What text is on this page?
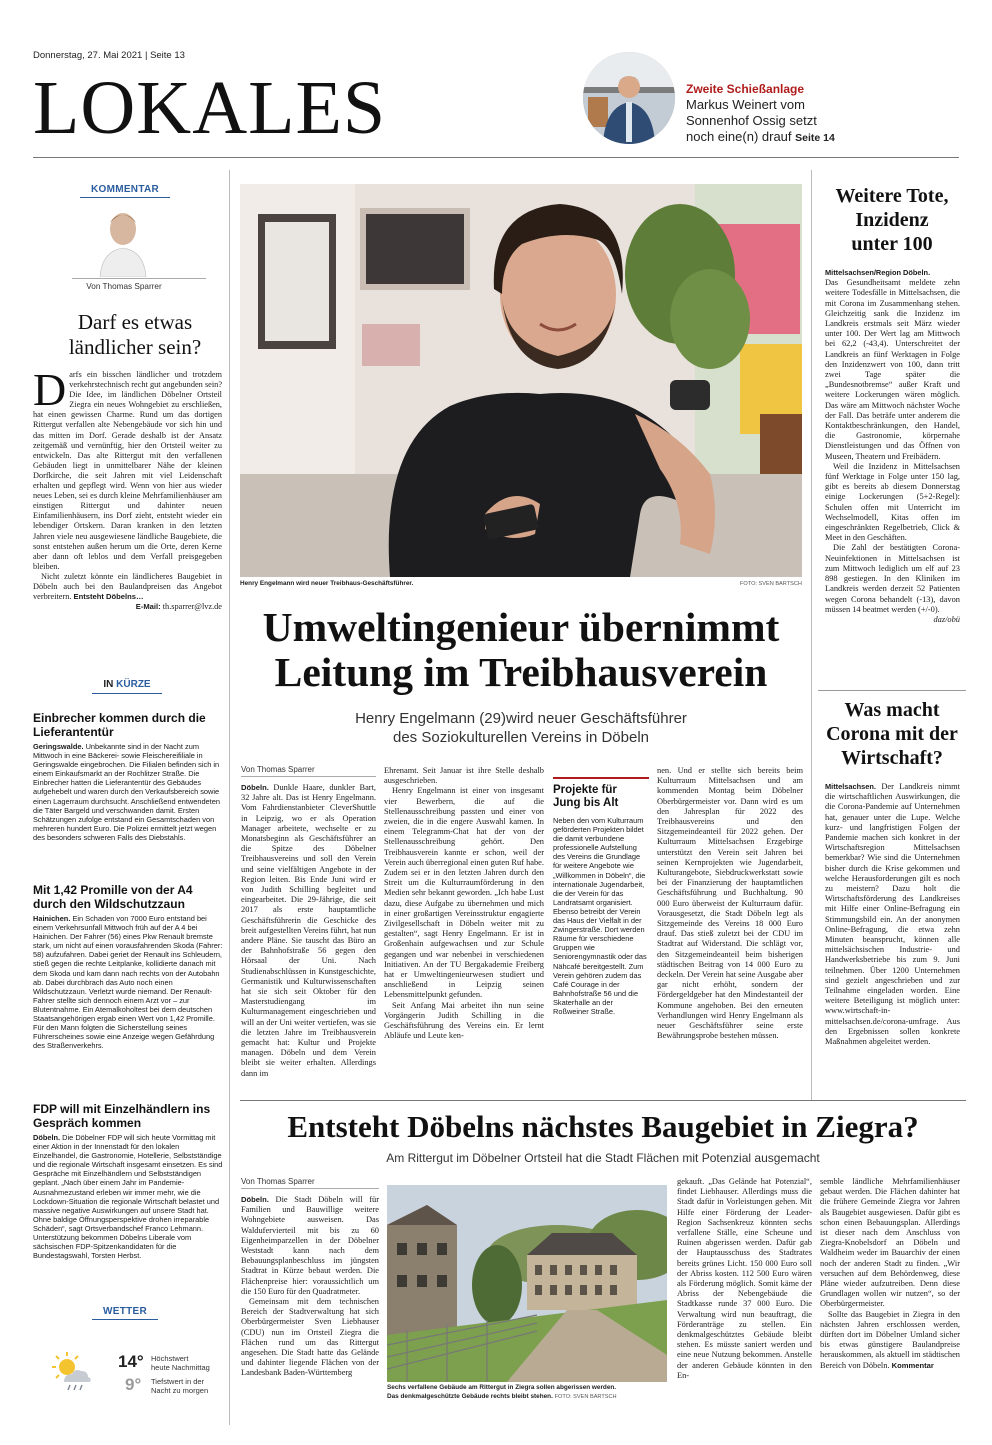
Donnerstag, 27. Mai 2021 | Seite 13
LOKALES	Zweite Schießanlage
Markus Weinert vom
Sonnenhof Ossig setzt
noch eine(n) drauf Seite 14
KOMMENTAR
Von Thomas Sparrer
Darf es etwas
ländlicher sein?
D arfs ein bisschen ländlicher und trotzdem verkehrstechnisch recht gut angebunden sein? Die Idee, im ländlichen Döbelner Ortsteil Ziegra ein neues Wohngebiet zu erschließen, hat einen gewissen Charme. Rund um das dortigen Rittergut verfallen alte Nebengebäude vor sich hin und das mitten im Dorf. Gerade deshalb ist der Ansatz zeitgemäß und vernünftig, hier den Ortsteil weiter zu entwickeln. Das alte Rittergut mit den verfallenen Gebäuden liegt in unmittelbarer Nähe der kleinen Dorfkirche, die seit Jahren mit viel Leidenschaft erhalten und gepflegt wird. Wenn von hier aus wieder neues Leben, sei es durch kleine Mehrfamilienhäuser am einstigen Rittergut und dahinter neuen Einfamilienhäusern, ins Dorf zieht, entsteht wieder ein lebendiger Ortskern. Daran kranken in den letzten Jahren viele neu ausgewiesene ländliche Baugebiete, die sonst entstehen außen herum um die Orte, deren Kerne aber dann oft leblos und dem Verfall preisgegeben bleiben.

Nicht zuletzt könnte ein ländlicheres Baugebiet in Döbeln auch bei den Baulandpreisen das Angebot verbreitern. Entsteht Döbelns…

E-Mail: th.sparrer@lvz.de

IN KÜRZE
Einbrecher kommen durch die Lieferantentür
Geringswalde. Unbekannte sind in der Nacht zum Mittwoch in eine Bäckerei- sowie Fleischereifiliale in Geringswalde eingebrochen. Die Filialen befinden sich in einem Einkaufsmarkt an der Rochlitzer Straße. Die Einbrecher hatten die Lieferantentür des Gebäudes aufgehebelt und waren durch den Verkaufsbereich sowie einen Lagerraum durchsucht. Anschließend entwendeten die Täter Bargeld und verschwanden damit. Ersten Schätzungen zufolge entstand ein Gesamtschaden von mehreren hundert Euro. Die Polizei ermittelt jetzt wegen des besonders schweren Falls des Diebstahls.
Mit 1,42 Promille von der A4 durch den Wildschutzzaun
Hainichen. Ein Schaden von 7000 Euro entstand bei einem Verkehrsunfall Mittwoch früh auf der A 4 bei Hainichen. Der Fahrer (56) eines Pkw Renault bremste stark, um nicht auf einen vorausfahrenden Skoda (Fahrer: 58) aufzufahren. Dabei geriet der Renault ins Schleudern, stieß gegen die rechte Leitplanke, kollidierte danach mit dem Skoda und kam dann nach rechts von der Autobahn ab. Dabei durchbrach das Auto noch einen Wildschutzzaun. Verletzt wurde niemand. Der Renault-Fahrer stellte sich dennoch einem Arzt vor – zur Blutentnahme. Ein Atemalkoholtest bei dem deutschen Staatsangehörigen ergab einen Wert von 1,42 Promille. Für den Mann folgten die Sicherstellung seines Führerscheines sowie eine Anzeige wegen Gefährdung des Straßenverkehrs.
FDP will mit Einzelhändlern ins Gespräch kommen
Döbeln. Die Döbelner FDP will sich heute Vormittag mit einer Aktion in der Innenstadt für den lokalen Einzelhandel, die Gastronomie, Hotellerie, Selbstständige und die regionale Wirtschaft insgesamt einsetzen. Es sind Gespräche mit Einzelhändlern und Selbstständigen geplant. „Nach über einem Jahr im Pandemie-Ausnahmezustand erleben wir immer mehr, wie die Lockdown-Situation die regionale Wirtschaft belastet und massive negative Auswirkungen auf unsere Stadt hat. Ohne baldige Öffnungsperspektive drohen irreparable Schäden“, sagt Ortsverbandschef Franco Lehmann. Unterstützung bekommen Döbelns Liberale vom sächsischen FDP-Spitzenkandidaten für die Bundestagswahl, Torsten Herbst.
WETTER
14° Höchstwert
heute Nachmittag
9° Tiefstwert in der
Nacht zu morgen
Henry Engelmann wird neuer Treibhaus-Geschäftsführer.	FOTO: SVEN BARTSCH
Umweltingenieur übernimmt
Leitung im Treibhausverein
Henry Engelmann (29)wird neuer Geschäftsführer
des Soziokulturellen Vereins in Döbeln
Von Thomas Sparrer
Döbeln. Dunkle Haare, dunkler Bart, 32 Jahre alt. Das ist Henry Engelmann. Vom Fahrdienstanbieter CleverShuttle in Leipzig, wo er als Operation Manager arbeitete, wechselte er zu Monatsbeginn als Geschäftsführer an die Spitze des Döbelner Treibhausvereins und soll den Verein und seine vielfältigen Angebote in der Region leiten. Bis Ende Juni wird er von Judith Schilling begleitet und eingearbeitet. Die 29-Jährige, die seit 2017 als erste hauptamtliche Geschäftsführerin die Geschicke des breit aufgestellten Vereins führt, hat nun andere Pläne. Sie tauscht das Büro an der Bahnhofstraße 56 gegen den Hörsaal der Uni. Nach Studienabschlüssen in Kunstgeschichte, Germanistik und Kulturwissenschaften hat sie sich seit Oktober für den Masterstudiengang im Kulturmanagement eingeschrieben und will an der Uni weiter vertiefen, was sie die letzten Jahre im Treibhausverein gemacht hat: Kultur und Projekte managen. Döbeln und dem Verein bleibt sie weiter erhalten. Allerdings dann im

Ehrenamt. Seit Januar ist ihre Stelle deshalb ausgeschrieben.

Henry Engelmann ist einer von insgesamt vier Bewerbern, die auf die Stellenausschreibung passten und einer von zweien, die in die engere Auswahl kamen. In einem Telegramm-Chat hat der von der Stellenausschreibung gehört. Den Treibhausverein kannte er schon, weil der Verein auch überregional einen guten Ruf habe. Zudem sei er in den letzten Jahren durch den Streit um die Kulturraumförderung in den Medien sehr bekannt geworden. „Ich habe Lust dazu, diese Aufgabe zu übernehmen und mich in einer großartigen Vereinsstruktur engagierte Zivilgesellschaft in Döbeln weiter mit zu gestalten“, sagt Henry Engelmann. Er ist in Großenhain aufgewachsen und zur Schule gegangen und war nebenbei in verschiedenen Initiativen. An der TU Bergakademie Freiberg hat er Umweltingenieurwesen studiert und anschließend in Leipzig seinen Lebensmittelpunkt gefunden.

Seit Anfang Mai arbeitet ihn nun seine Vorgängerin Judith Schilling in die Geschäftsführung des Vereins ein. Er lernt Abläufe und Leute ken-

Projekte für
Jung bis Alt
Neben den vom Kulturraum geförderten Projekten bildet die damit verbundene professionelle Aufstellung des Vereins die Grundlage für weitere Angebote wie „Willkommen in Döbeln“, die internationale Jugendarbeit, die der Verein für das Landratsamt organisiert. Ebenso betreibt der Verein das Haus der Vielfalt in der Zwingerstraße. Dort werden Räume für verschiedene Gruppen wie Seniorengymnastik oder das Nähcafé bereitgestellt. Zum Verein gehören zudem das Café Courage in der Bahnhofstraße 56 und die Skaterhalle an der Roßweiner Straße.
nen. Und er stellte sich bereits beim Kulturraum Mittelsachsen und am kommenden Montag beim Döbelner Oberbürgermeister vor. Dann wird es um den Jahresplan für 2022 des Treibhausvereins und den Sitzgemeindeanteil für 2022 gehen. Der Kulturraum Mittelsachsen Erzgebirge unterstützt den Verein seit Jahren bei seinen Kernprojekten wie Jugendarbeit, Kulturangebote, Siebdruckwerkstatt sowie bei der Finanzierung der hauptamtlichen Geschäftsführung und Buchhaltung. 90 000 Euro überweist der Kulturraum dafür. Vorausgesetzt, die Stadt Döbeln legt als Sitzgemeinde des Vereins 18 000 Euro drauf. Das stieß zuletzt bei der CDU im Stadtrat auf Widerstand. Die schlägt vor, den Sitzgemeindeanteil beim bisherigen städtischen Beitrag von 14 000 Euro zu deckeln. Der Verein hat seine Ausgabe aber gar nicht erhöht, sondern der Fördergeldgeber hat den Mindestanteil der Kommune angehoben. Bei den erneuten Verhandlungen wird Henry Engelmann als neuer Geschäftsführer seine erste Bewährungsprobe bestehen müssen.
Weitere Tote,
Inzidenz
unter 100

Mittelsachsen/Region Döbeln.

Das Gesundheitsamt meldete zehn weitere Todesfälle in Mittelsachsen, die mit Corona im Zusammenhang stehen. Gleichzeitig sank die Inzidenz im Landkreis erstmals seit März wieder unter 100. Der Wert lag am Mittwoch bei 62,2 (-43,4). Unterschreitet der Landkreis an fünf Werktagen in Folge den Inzidenzwert von 100, dann tritt zwei Tage später die „Bundesnotbremse“ außer Kraft und weitere Lockerungen wären möglich. Das wäre am Mittwoch nächster Woche der Fall. Das beträfe unter anderem die Kontaktbeschränkungen, den Handel, die Gastronomie, körpernahe Dienstleistungen und das Öffnen von Museen, Theatern und Freibädern.

Weil die Inzidenz in Mittelsachsen fünf Werktage in Folge unter 150 lag, gibt es bereits ab diesem Donnerstag einige Lockerungen (5+2-Regel): Schulen offen mit Unterricht im Wechselmodell, Kitas offen im eingeschränkten Regelbetrieb, Click & Meet in den Geschäften.

Die Zahl der bestätigten Corona-Neuinfektionen in Mittelsachsen ist zum Mittwoch lediglich um elf auf 23 898 gestiegen. In den Kliniken im Landkreis werden derzeit 52 Patienten wegen Corona behandelt (-13), davon müssen 14 beatmet werden (+/-0).
daz/obü

Was macht
Corona mit der
Wirtschaft?
Mittelsachsen. Der Landkreis nimmt die wirtschaftlichen Auswirkungen, die die Corona-Pandemie auf Unternehmen hat, genauer unter die Lupe. Welche kurz- und langfristigen Folgen der Pandemie machen sich konkret in der Wirtschaftsregion Mittelsachsen bemerkbar? Wie sind die Unternehmen bisher durch die Krise gekommen und welche Herausforderungen gilt es noch zu meistern? Dazu holt die Wirtschaftsförderung des Landkreises mit Hilfe einer Online-Befragung ein Stimmungsbild ein. An der anonymen Online-Befragung, die etwa zehn Minuten beansprucht, können alle mittelsächsischen Industrie- und Handwerksbetriebe bis zum 9. Juni teilnehmen. Über 1200 Unternehmen sind gezielt angeschrieben und zur Teilnahme eingeladen worden. Eine weitere Beteiligung ist möglich unter: www.wirtschaft-in-mittelsachsen.de/corona-umfrage. Aus den Ergebnissen sollen konkrete Maßnahmen abgeleitet werden.
Entsteht Döbelns nächstes Baugebiet in Ziegra?
Am Rittergut im Döbelner Ortsteil hat die Stadt Flächen mit Potenzial ausgemacht
Von Thomas Sparrer

Döbeln. Die Stadt Döbeln will für Familien und Bauwillige weitere Wohngebiete ausweisen. Das Waldufervierteil mit bis zu 60 Eigenheimparzellen in der Döbelner Weststadt kann nach dem Bebauungsplanbeschluss im jüngsten Stadtrat in Kürze bebaut werden. Die Flächenpreise hier: voraussichtlich um die 150 Euro für den Quadratmeter.

Gemeinsam mit dem technischen Bereich der Stadtverwaltung hat sich Oberbürgermeister Sven Liebhauser (CDU) nun im Ortsteil Ziegra die Flächen rund um das Rittergut angesehen. Die Stadt hatte das Gelände und dahinter liegende Flächen von der Landesbank Baden-Württemberg

Sechs verfallene Gebäude am Rittergut in Ziegra sollen abgerissen werden.
Das denkmalgeschützte Gebäude rechts bleibt stehen. FOTO: SVEN BARTSCH
gekauft. „Das Gelände hat Potenzial“, findet Liebhauser. Allerdings muss die Stadt dafür in Vorleistungen gehen. Mit Hilfe einer Förderung der Leader-Region Sachsenkreuz könnten sechs verfallene Ställe, eine Scheune und Ruinen abgerissen werden. Dafür gab der Hauptausschuss des Stadtrates bereits grünes Licht. 150 000 Euro soll der Abriss kosten. 112 500 Euro wären als Förderung möglich. Somit käme der Abriss der Nebengebäude die Stadtkasse runde 37 000 Euro. Die Verwaltung wird nun beauftragt, die Förderanträge zu stellen. Ein denkmalgeschütztes Gebäude bleibt stehen. Es müsste saniert werden und eine neue Nutzung bekommen. Anstelle der anderen Gebäude könnten in den En-

semble ländliche Mehrfamilienhäuser gebaut werden. Die Flächen dahinter hat die frühere Gemeinde Ziegra vor Jahren als Baugebiet ausgewiesen. Dafür gibt es schon einen Bebauungsplan. Allerdings ist dieser nach dem Anschluss von Ziegra-Knobelsdorf an Döbeln und Waldheim weder im Bauarchiv der einen noch der anderen Stadt zu finden. „Wir versuchen auf dem Behördenweg, diese Pläne wieder aufzutreiben. Denn diese Grundlagen wollen wir nutzen“, so der Oberbürgermeister.

Sollte das Baugebiet in Ziegra in den nächsten Jahren erschlossen werden, dürften dort im Döbelner Umland sicher bis etwas günstigere Baulandpreise herauskommen, als aktuell im städtischen Bereich von Döbeln. Kommentar
